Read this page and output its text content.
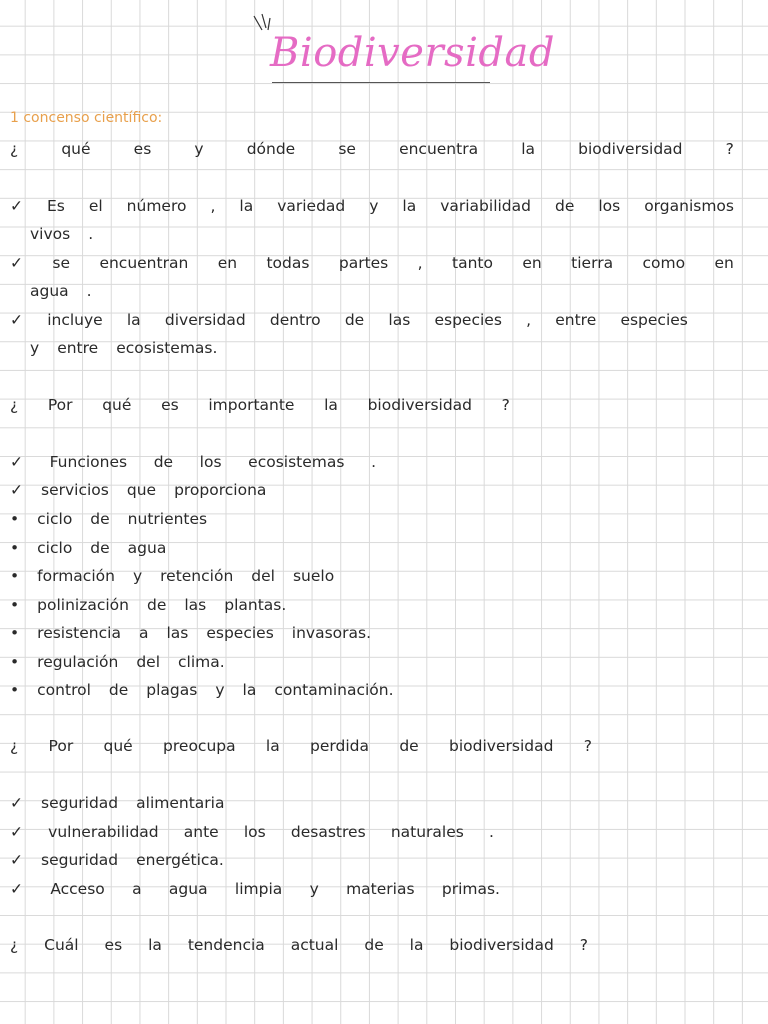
Biodiversidad
1 concenso científico:
¿	qué	es	y	dónde	se	encuentra	la	biodiversidad	?
✓ Es el número , la variedad y la variabilidad de los organismos
vivos .
✓ se encuentran en todas partes , tanto en tierra como en
agua .
✓ incluye la diversidad dentro de las especies , entre especies
y entre ecosistemas.
¿ Por qué es importante la biodiversidad ?
✓ Funciones de los ecosistemas .
✓ servicios que proporciona
• ciclo de nutrientes
• ciclo de agua
• formación y retención del suelo
• polinización de las plantas.
• resistencia a las especies invasoras.
• regulación del clima.
• control de plagas y la contaminación.
¿ Por qué preocupa la perdida de biodiversidad ?
✓ seguridad alimentaria
✓ vulnerabilidad ante los desastres naturales .
✓ seguridad energética.
✓ Acceso a agua limpia y materias primas.
¿ Cuál es la tendencia actual de la biodiversidad ?
